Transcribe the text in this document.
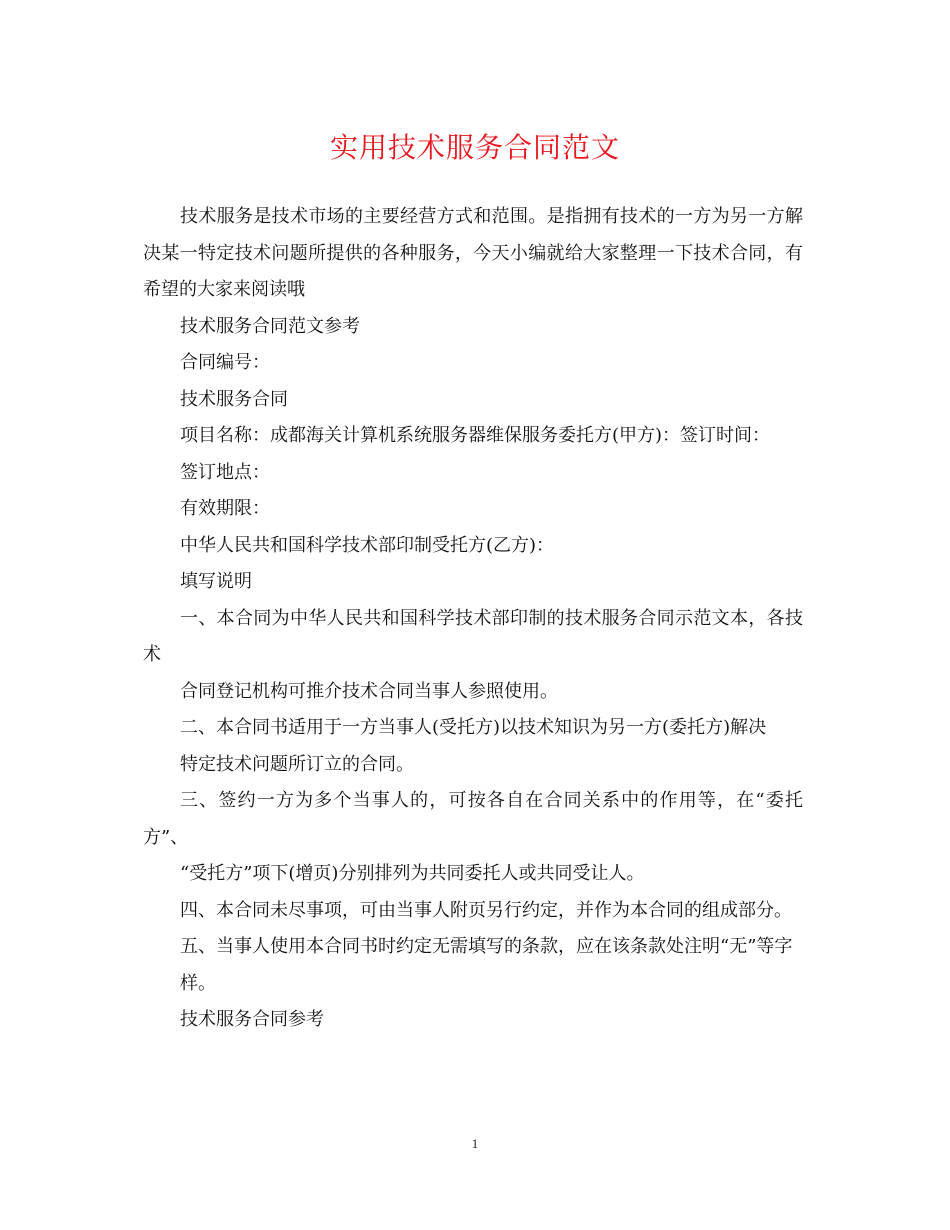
实用技术服务合同范文

技术服务是技术市场的主要经营方式和范围。是指拥有技术的一方为另一方解决某一特定技术问题所提供的各种服务，今天小编就给大家整理一下技术合同，有希望的大家来阅读哦

技术服务合同范文参考

合同编号：

技术服务合同

项目名称：成都海关计算机系统服务器维保服务委托方(甲方)：签订时间：

签订地点：

有效期限：

中华人民共和国科学技术部印制受托方(乙方)：

填写说明

一、本合同为中华人民共和国科学技术部印制的技术服务合同示范文本，各技术

合同登记机构可推介技术合同当事人参照使用。

二、本合同书适用于一方当事人(受托方)以技术知识为另一方(委托方)解决

特定技术问题所订立的合同。

三、签约一方为多个当事人的，可按各自在合同关系中的作用等，在“委托方”、

“受托方”项下(增页)分别排列为共同委托人或共同受让人。

四、本合同未尽事项，可由当事人附页另行约定，并作为本合同的组成部分。

五、当事人使用本合同书时约定无需填写的条款，应在该条款处注明“无”等字

样。

技术服务合同参考

1
